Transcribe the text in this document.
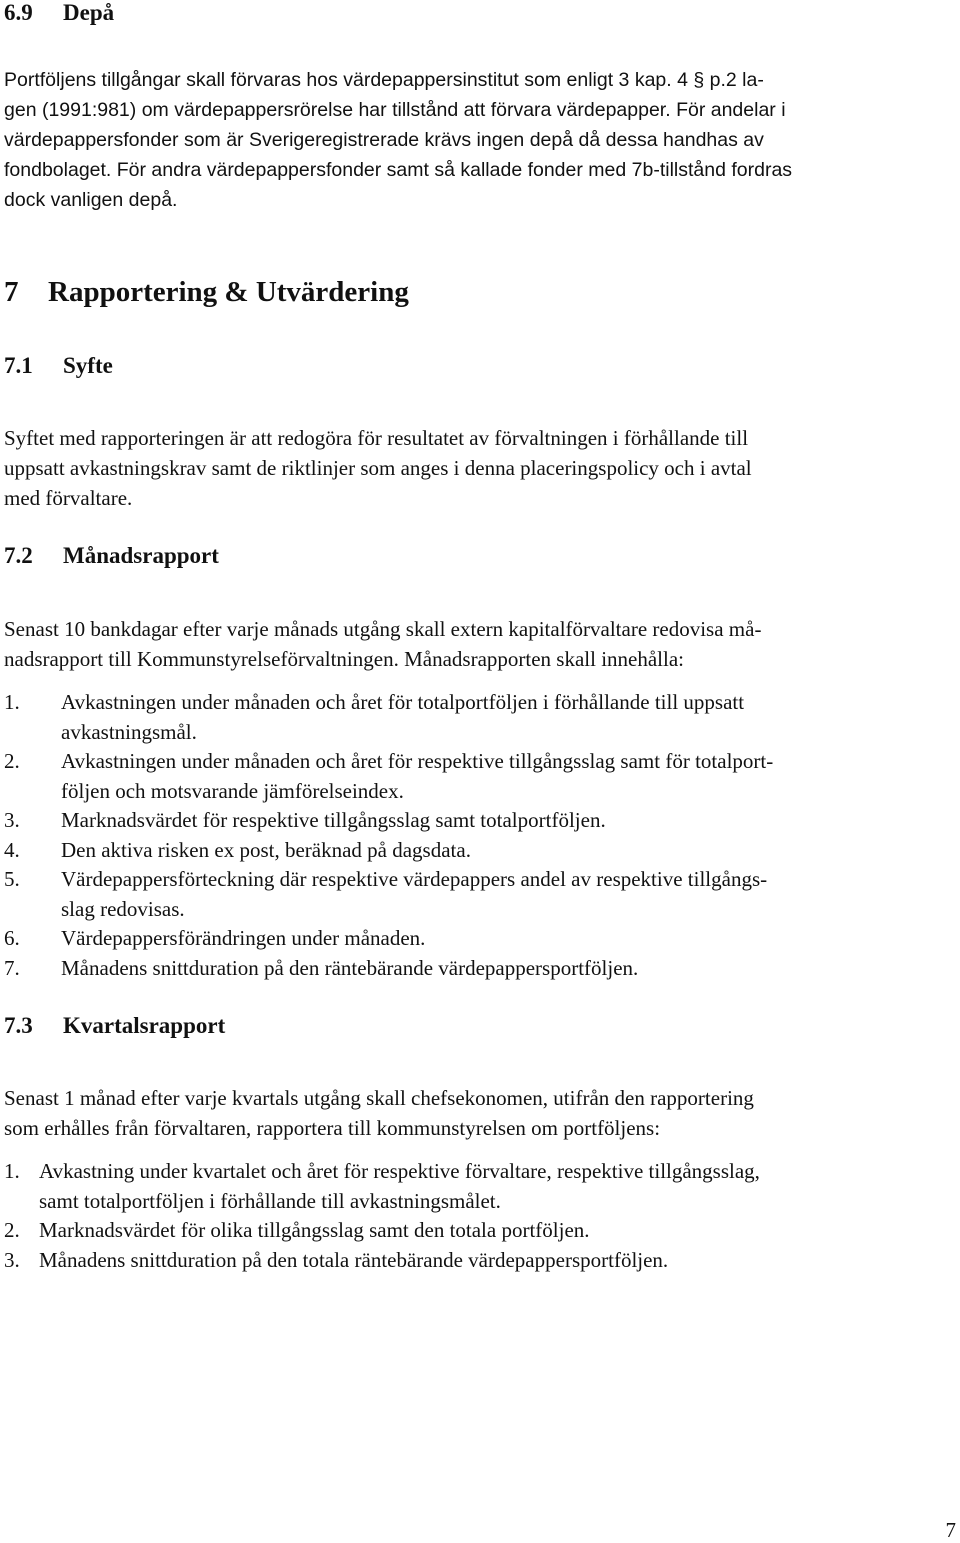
6.9 Depå

Portföljens tillgångar skall förvaras hos värdepappersinstitut som enligt 3 kap. 4 § p.2 la-
gen (1991:981) om värdepappersrörelse har tillstånd att förvara värdepapper. För andelar i
värdepappersfonder som är Sverigeregistrerade krävs ingen depå då dessa handhas av
fondbolaget. För andra värdepappersfonder samt så kallade fonder med 7b-tillstånd fordras
dock vanligen depå.

7 Rapportering & Utvärdering
7.1 Syfte

Syftet med rapporteringen är att redogöra för resultatet av förvaltningen i förhållande till
uppsatt avkastningskrav samt de riktlinjer som anges i denna placeringspolicy och i avtal
med förvaltare.

7.2 Månadsrapport

Senast 10 bankdagar efter varje månads utgång skall extern kapitalförvaltare redovisa må-
nadsrapport till Kommunstyrelseförvaltningen. Månadsrapporten skall innehålla:

1. Avkastningen under månaden och året för totalportföljen i förhållande till uppsatt
avkastningsmål.
2. Avkastningen under månaden och året för respektive tillgångsslag samt för totalport-
följen och motsvarande jämförelseindex.
3. Marknadsvärdet för respektive tillgångsslag samt totalportföljen.
4. Den aktiva risken ex post, beräknad på dagsdata.
5. Värdepappersförteckning där respektive värdepappers andel av respektive tillgångs-
slag redovisas.
6. Värdepappersförändringen under månaden.
7. Månadens snittduration på den räntebärande värdepappersportföljen.
7.3 Kvartalsrapport

Senast 1 månad efter varje kvartals utgång skall chefsekonomen, utifrån den rapportering
som erhålles från förvaltaren, rapportera till kommunstyrelsen om portföljens:

1. Avkastning under kvartalet och året för respektive förvaltare, respektive tillgångsslag,
samt totalportföljen i förhållande till avkastningsmålet.
2. Marknadsvärdet för olika tillgångsslag samt den totala portföljen.
3. Månadens snittduration på den totala räntebärande värdepappersportföljen.
7
